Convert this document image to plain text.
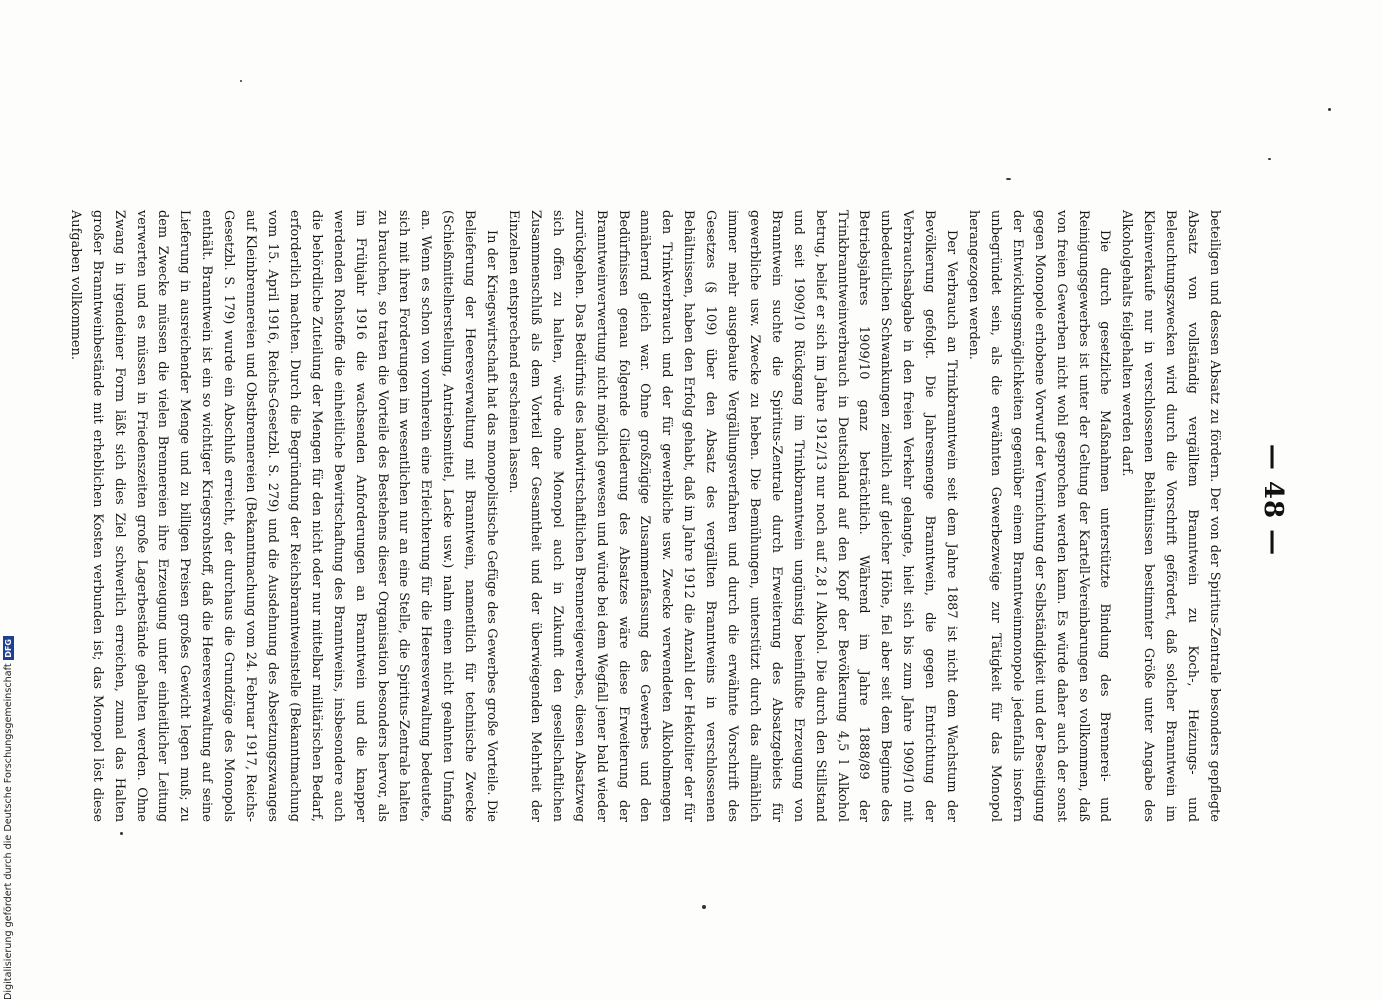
— 48 —

beteiligen und dessen Absatz zu fördern. Der von der Spiritus-Zentrale besonders gepflegte Absatz von vollständig vergälltem Branntwein zu Koch-, Heizungs- und Beleuchtungszwecken wird durch die Vorschrift gefördert, daß solcher Branntwein im Kleinverkaufe nur in verschlossenen Behältnissen bestimmter Größe unter Angabe des Alkoholgehalts feilgehalten werden darf.

Die durch gesetzliche Maßnahmen unterstützte Bindung des Brennerei- und Reinigungsgewerbes ist unter der Geltung der Kartell-Vereinbarungen so vollkommen, daß von freien Gewerben nicht wohl gesprochen werden kann. Es würde daher auch der sonst gegen Monopole erhobene Vorwurf der Vernichtung der Selbständigkeit und der Beseitigung der Entwicklungsmöglichkeiten gegenüber einem Branntweinmonopole jedenfalls insofern unbegründet sein, als die erwähnten Gewerbezweige zur Tätigkeit für das Monopol herangezogen werden.

Der Verbrauch an Trinkbranntwein seit dem Jahre 1887 ist nicht dem Wachstum der Bevölkerung gefolgt. Die Jahresmenge Branntwein, die gegen Entrichtung der Verbrauchsabgabe in den freien Verkehr gelangte, hielt sich bis zum Jahre 1909/10 mit unbedeutlichen Schwankungen ziemlich auf gleicher Höhe, fiel aber seit dem Beginne des Betriebsjahres 1909/10 ganz beträchtlich. Während im Jahre 1888/89 der Trinkbranntweinverbrauch in Deutschland auf den Kopf der Bevölkerung 4,5 l Alkohol betrug, belief er sich im Jahre 1912/13 nur noch auf 2,8 l Alkohol. Die durch den Stillstand und seit 1909/10 Rückgang im Trinkbranntwein ungünstig beeinflußte Erzeugung von Branntwein suchte die Spiritus-Zentrale durch Erweiterung des Absatzgebiets für gewerbliche usw. Zwecke zu heben. Die Bemühungen, unterstützt durch das allmählich immer mehr ausgebaute Vergällungsverfahren und durch die erwähnte Vorschrift des Gesetzes (§ 109) über den Absatz des vergällten Branntweins in verschlossenen Behältnissen, haben den Erfolg gehabt, daß im Jahre 1912 die Anzahl der Hektoliter der für den Trinkverbrauch und der für gewerbliche usw. Zwecke verwendeten Alkoholmengen annähernd gleich war. Ohne großzügige Zusammenfassung des Gewerbes und den Bedürfnissen genau folgende Gliederung des Absatzes wäre diese Erweiterung der Branntweinverwertung nicht möglich gewesen und würde bei dem Wegfall jener bald wieder zurückgehen. Das Bedürfnis des landwirtschaftlichen Brennereigewerbes, diesen Absatzweg sich offen zu halten, würde ohne Monopol auch in Zukunft den gesellschaftlichen Zusammenschluß als dem Vorteil der Gesamtheit und der überwiegenden Mehrheit der Einzelnen entsprechend erscheinen lassen.

In der Kriegswirtschaft hat das monopolistische Gefüge des Gewerbes große Vorteile. Die Belieferung der Heeresverwaltung mit Branntwein, namentlich für technische Zwecke (Schießmittelherstellung, Antriebsmittel, Lacke usw.) nahm einen nicht geahnten Umfang an. Wenn es schon von vornherein eine Erleichterung für die Heeresverwaltung bedeutete, sich mit ihren Forderungen im wesentlichen nur an eine Stelle, die Spiritus-Zentrale halten zu brauchen, so traten die Vorteile des Bestehens dieser Organisation besonders hervor, als im Frühjahr 1916 die wachsenden Anforderungen an Branntwein und die knapper werdenden Rohstoffe die einheitliche Bewirtschaftung des Branntweins, insbesondere auch die behördliche Zuteilung der Mengen für den nicht oder nur mittelbar militärischen Bedarf, erforderlich machten. Durch die Begründung der Reichsbranntweinstelle (Bekanntmachung vom 15. April 1916, Reichs-Gesetzbl. S. 279) und die Ausdehnung des Absetzungszwanges auf Kleinbrennereien und Obstbrennereien (Bekanntmachung vom 24. Februar 1917, Reichs-Gesetzbl. S. 179) wurde ein Abschluß erreicht, der durchaus die Grundzüge des Monopols enthält. Branntwein ist ein so wichtiger Kriegsrohstoff, daß die Heeresverwaltung auf seine Lieferung in ausreichender Menge und zu billigen Preisen großes Gewicht legen muß; zu dem Zwecke müssen die vielen Brennereien ihre Erzeugung unter einheitlicher Leitung verwerten und es müssen in Friedenszeiten große Lagerbestände gehalten werden. Ohne Zwang in irgendeiner Form läßt sich dies Ziel schwerlich erreichen, zumal das Halten großer Branntweinbestände mit erheblichen Kosten verbunden ist; das Monopol löst diese Aufgaben vollkommen.

Digitalisierung gefördert durch die Deutsche Forschungsgemeinschaft
DFG
